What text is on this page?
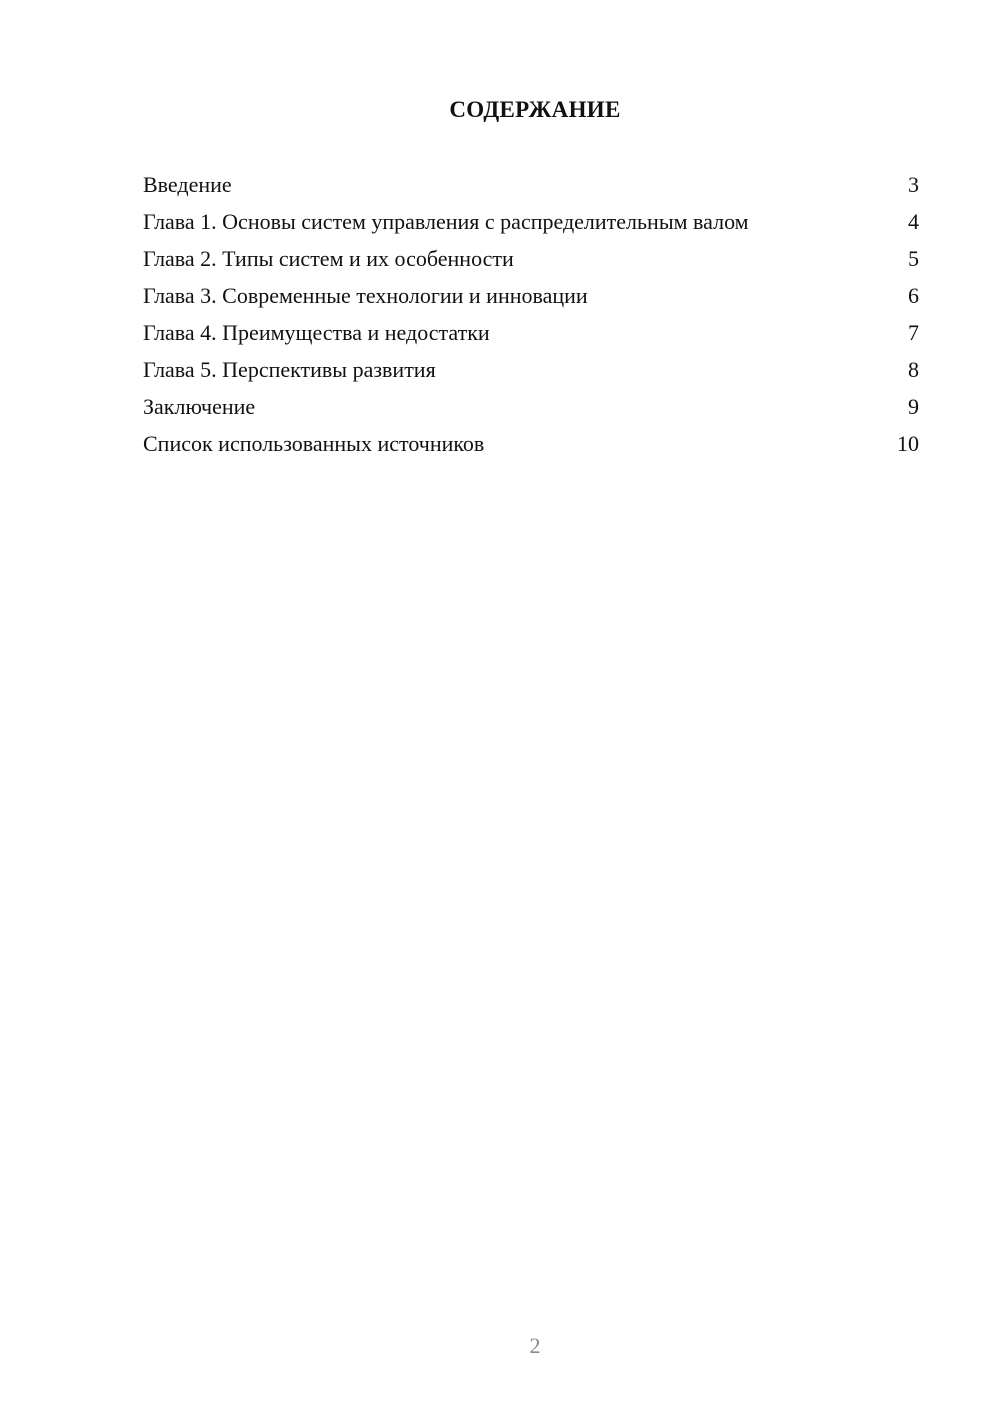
СОДЕРЖАНИЕ
Введение	3
Глава 1. Основы систем управления с распределительным валом	4
Глава 2. Типы систем и их особенности	5
Глава 3. Современные технологии и инновации	6
Глава 4. Преимущества и недостатки	7
Глава 5. Перспективы развития	8
Заключение	9
Список использованных источников	10
2
